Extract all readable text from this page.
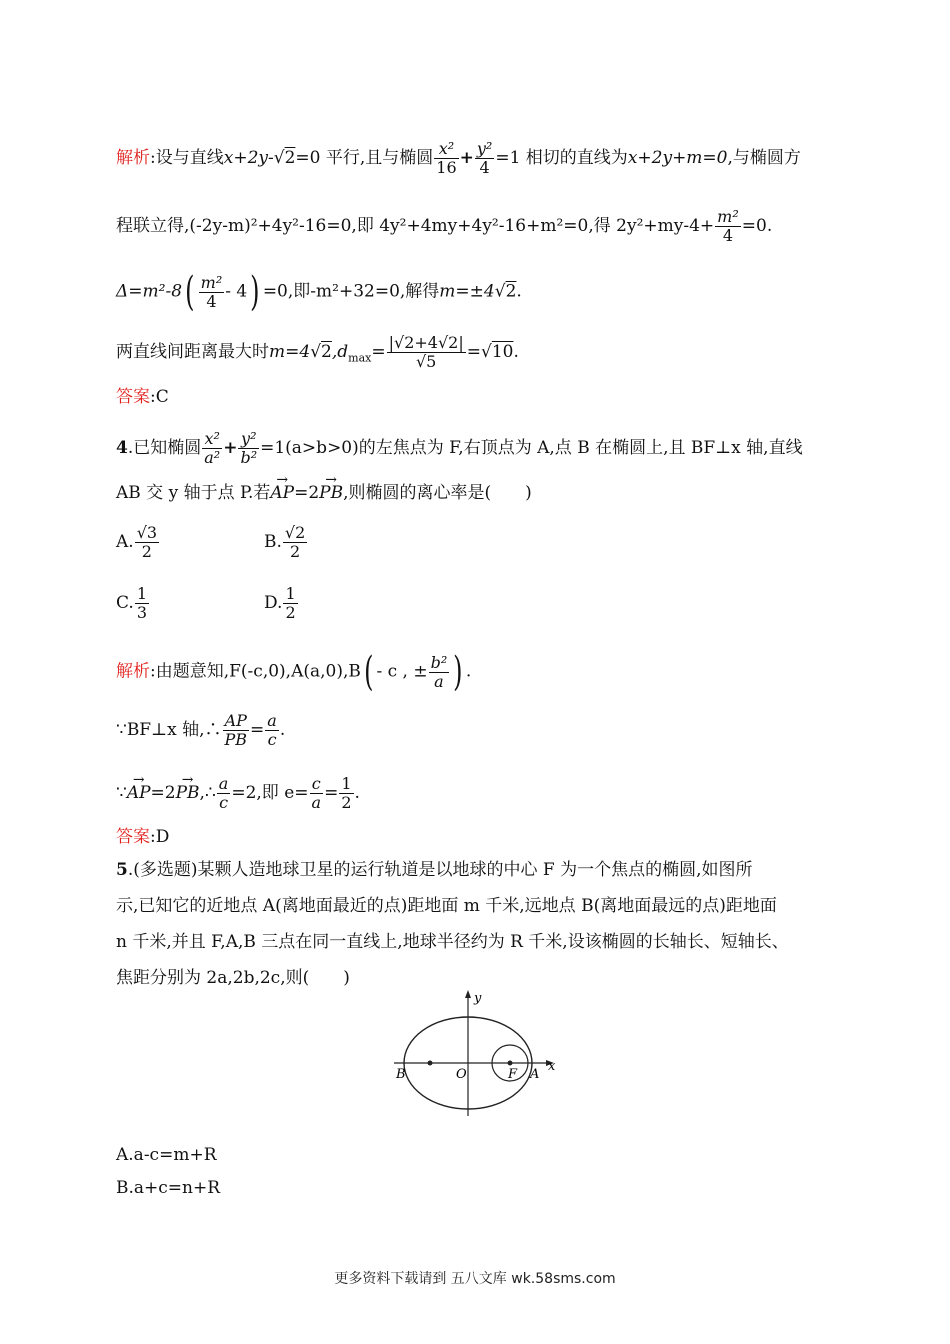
解析:设与直线x+2y-√2=0 平行,且与椭圆 $\frac{\text{x²}}{16} + \frac{\text{y²}}{4} =1$ 相切的直线为x+2y+m=0,与椭圆方
程联立得,(-2y-m)²+4y²-16=0,即 4y²+4my+4y²-16+m²=0,得 $2y^2+my-4+ \frac{\text{m²}}{4} =0$.
$\Delta=m^2-8( \frac{\text{m²}}{4} - 4) =0$,即-m²+32=0,解得m=±4√2.
两直线间距离最大时$m=4√2,d_{max}= \frac{|√2+4√2|}{√5} =√10$.
答案:C
4.已知椭圆 $\frac{\text{x²}}{\text{a²}} + \frac{\text{y²}}{\text{b²}} =1(a>b>0)$的左焦点为 F,右顶点为 A,点 B 在椭圆上,且 BF⊥x 轴,直线
AB 交 y 轴于点 P.若→ AP=2→ PB,则椭圆的离心率是(　　)
A. $\frac{√3}{2}$	B. $\frac{√2}{2}$
C. $\frac{1}{3}$	D. $\frac{1}{2}$
解析:由题意知,F(-c,0),A(a,0),B( - c , ± $\frac{\text{b²}}{a}$ ) .
∵BF⊥x 轴,∴ $\frac{AP}{PB} = \frac{a}{c}$ .
∵→ AP=2→ PB,∴ $\frac{a}{c} =2$,即 $e= \frac{c}{a} = \frac{1}{2}$ .
答案:D
5.(多选题)某颗人造地球卫星的运行轨道是以地球的中心 F 为一个焦点的椭圆,如图所
示,已知它的近地点 A(离地面最近的点)距地面 m 千米,远地点 B(离地面最远的点)距地面
n 千米,并且 F,A,B 三点在同一直线上,地球半径约为 R 千米,设该椭圆的长轴长、短轴长、
焦距分别为 2a,2b,2c,则(　　)
y
x
B	O	F A
A.a-c=m+R
B.a+c=n+R
更多资料下载请到 五八文库 wk.58sms.com
